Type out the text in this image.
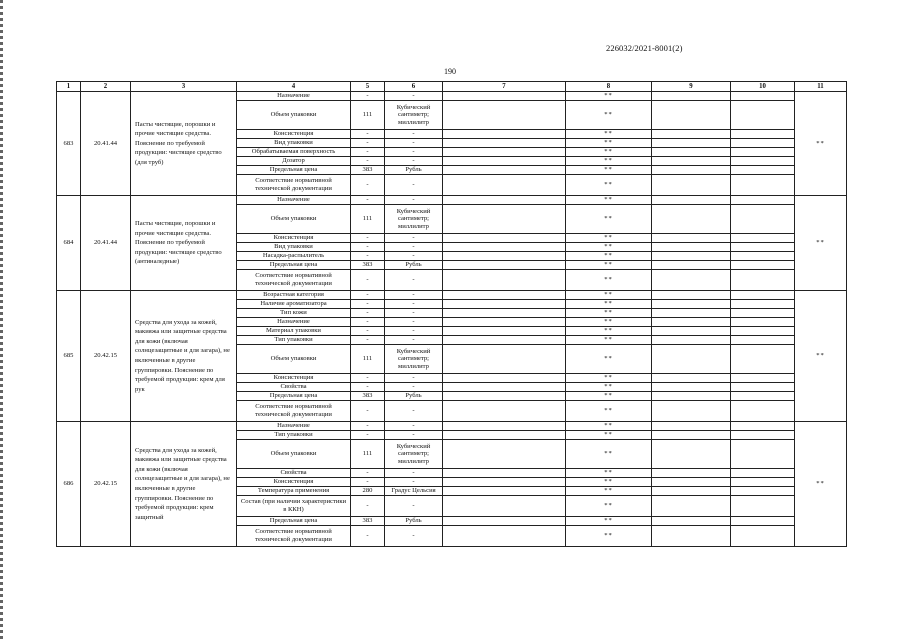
226032/2021-8001(2)
190
1	2	3	4	5	6	7	8	9	10	11
683	20.41.44	Пасты чистящие, порошки и прочие чистящие средства. Пояснение по требуемой продукции: чистящее средство (для труб)	Назначение	-	-		**			**
			Объем упаковки	111	Кубический сантиметр; миллилитр		**			
			Консистенция	-	-		**			
			Вид упаковки	-	-		**			
			Обрабатываемая поверхность	-	-		**			
			Дозатор	-	-		**			
			Предельная цена	383	Рубль		**			
			Соответствие нормативной технической документации	-	-		**			
684	20.41.44	Пасты чистящие, порошки и прочие чистящие средства. Пояснение по требуемой продукции: чистящее средство (антиналедные)	Назначение	-	-		**			**
			Объем упаковки	111	Кубический сантиметр; миллилитр		**			
			Консистенция	-	-		**			
			Вид упаковки	-	-		**			
			Насадка-распылитель	-	-		**			
			Предельная цена	383	Рубль		**			
			Соответствие нормативной технической документации	-	-		**			
685	20.42.15	Средства для ухода за кожей, макияжа или защитные средства для кожи (включая солнцезащитные и для загара), не включенные в другие группировки. Пояснение по требуемой продукции: крем для рук	Возрастная категория	-	-		**			**
			Наличие ароматизатора	-	-		**			
			Тип кожи	-	-		**			
			Назначение	-	-		**			
			Материал упаковки	-	-		**			
			Тип упаковки	-	-		**			
			Объем упаковки	111	Кубический сантиметр; миллилитр		**			
			Консистенция	-	-		**			
			Свойства	-	-		**			
			Предельная цена	383	Рубль		**			
			Соответствие нормативной технической документации	-	-		**			
686	20.42.15	Средства для ухода за кожей, макияжа или защитные средства для кожи (включая солнцезащитные и для загара), не включенные в другие группировки. Пояснение по требуемой продукции: крем защитный	Назначение	-	-		**			**
			Тип упаковки	-	-		**			
			Объем упаковки	111	Кубический сантиметр; миллилитр		**			
			Свойства	-	-		**			
			Консистенция	-	-		**			
			Температура применения	280	Градус Цельсия		**			
			Состав (при наличии характеристики в ККН)	-	-		**			
			Предельная цена	383	Рубль		**			
			Соответствие нормативной технической документации	-	-		**			
